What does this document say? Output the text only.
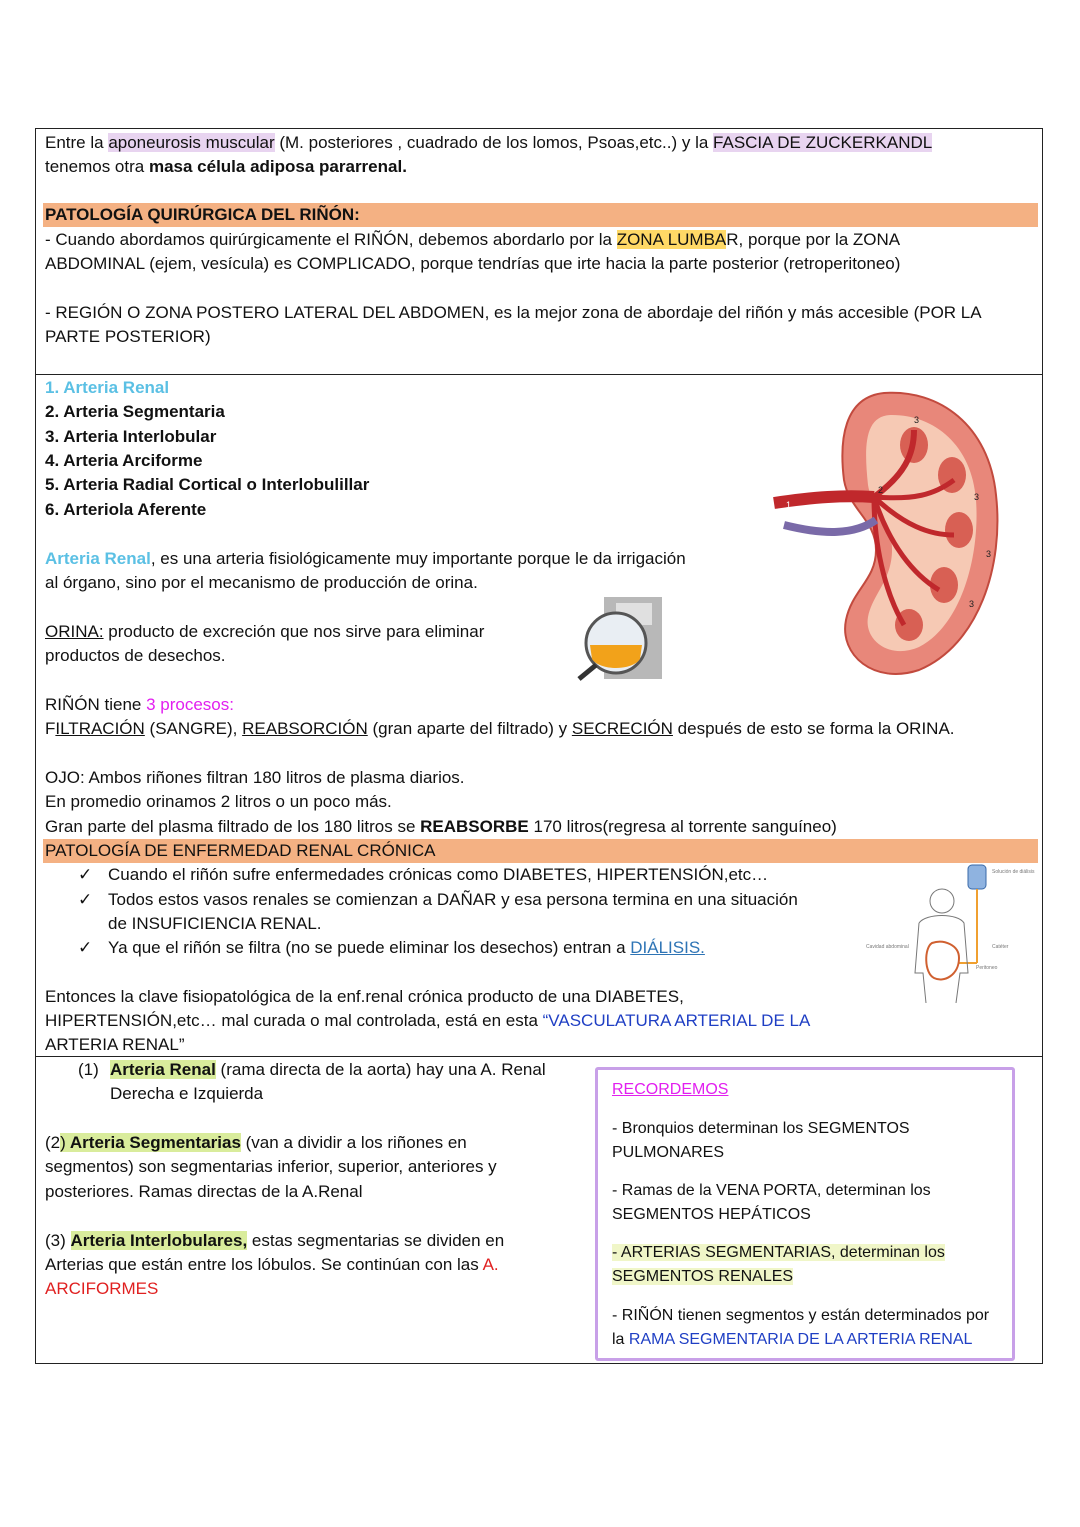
Entre la aponeurosis muscular (M. posteriores , cuadrado de los lomos, Psoas,etc..) y la FASCIA DE ZUCKERKANDL
tenemos otra masa célula adiposa pararrenal.
PATOLOGÍA QUIRÚRGICA DEL RIÑÓN:
- Cuando abordamos quirúrgicamente el RIÑÓN, debemos abordarlo por la ZONA LUMBAR, porque por la ZONA
ABDOMINAL (ejem, vesícula) es COMPLICADO, porque tendrías que irte hacia la parte posterior (retroperitoneo)
- REGIÓN O ZONA POSTERO LATERAL DEL ABDOMEN, es la mejor zona de abordaje del riñón y más accesible (POR LA
PARTE POSTERIOR)
1. Arteria Renal
2. Arteria Segmentaria
3. Arteria Interlobular
4. Arteria Arciforme
5. Arteria Radial Cortical o Interlobulillar
6. Arteriola Aferente
Arteria Renal, es una arteria fisiológicamente muy importante porque le da irrigación
al órgano, sino por el mecanismo de producción de orina.
ORINA: producto de excreción que nos sirve para eliminar
productos de desechos.
RIÑÓN tiene 3 procesos:
FILTRACIÓN (SANGRE), REABSORCIÓN (gran aparte del filtrado) y SECRECIÓN después de esto se forma la ORINA.
OJO: Ambos riñones filtran 180 litros de plasma diarios.
En promedio orinamos 2 litros o un poco más.
Gran parte del plasma filtrado de los 180 litros se REABSORBE 170 litros(regresa al torrente sanguíneo)
PATOLOGÍA DE ENFERMEDAD RENAL CRÓNICA
✓ Cuando el riñón sufre enfermedades crónicas como DIABETES, HIPERTENSIÓN,etc…
✓ Todos estos vasos renales se comienzan a DAÑAR y esa persona termina en una situación
de INSUFICIENCIA RENAL.
✓ Ya que el riñón se filtra (no se puede eliminar los desechos) entran a DIÁLISIS.
Entonces la clave fisiopatológica de la enf.renal crónica producto de una DIABETES,
HIPERTENSIÓN,etc… mal curada o mal controlada, está en esta “VASCULATURA ARTERIAL DE LA
ARTERIA RENAL”
1
2
3
3
3
3
Solución de diálisis
Cavidad abdominal	Catéter
Peritoneo
(1) Arteria Renal (rama directa de la aorta) hay una A. Renal
Derecha e Izquierda
(2) Arteria Segmentarias (van a dividir a los riñones en
segmentos) son segmentarias inferior, superior, anteriores y
posteriores. Ramas directas de la A.Renal
(3) Arteria Interlobulares, estas segmentarias se dividen en
Arterias que están entre los lóbulos. Se continúan con las A.
ARCIFORMES
RECORDEMOS
- Bronquios determinan los SEGMENTOS
PULMONARES
- Ramas de la VENA PORTA, determinan los
SEGMENTOS HEPÁTICOS
- ARTERIAS SEGMENTARIAS, determinan los
SEGMENTOS RENALES
- RIÑÓN tienen segmentos y están determinados por
la RAMA SEGMENTARIA DE LA ARTERIA RENAL
